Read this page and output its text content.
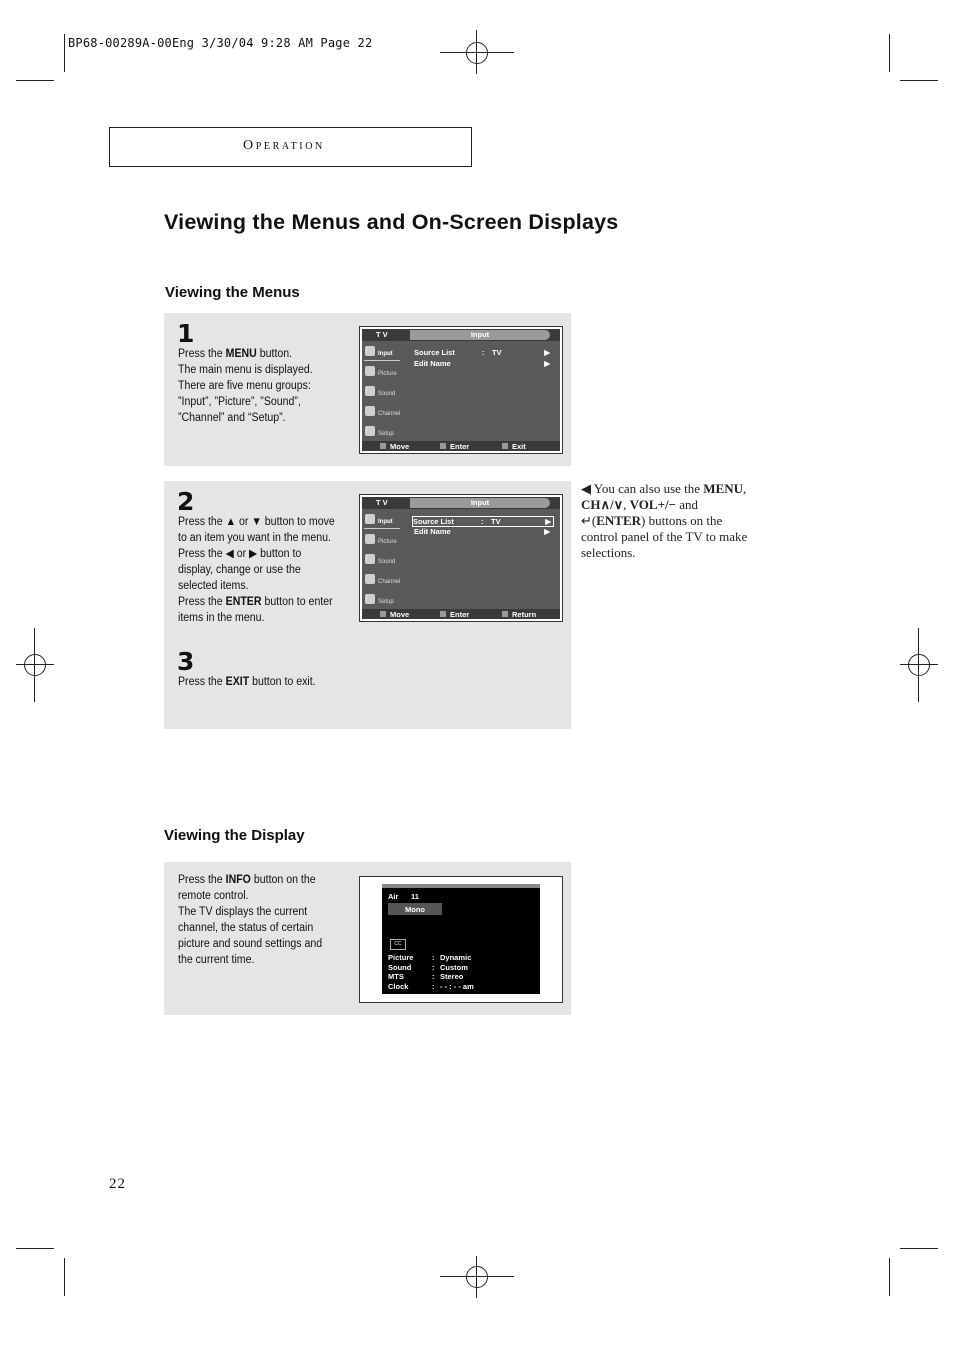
BP68-00289A-00Eng 3/30/04 9:28 AM Page 22
Operation
Viewing the Menus and On-Screen Displays
Viewing the Menus
1
Press the MENU button.
The main menu is displayed.
There are five menu groups:
”Input”, ”Picture”, ”Sound”,
”Channel” and “Setup”.
T V	Input
Input
Picture
Sound
Channel
Setup
Source List	: TV	▶
Edit Name	▶
Move	Enter	Exit
2
Press the ▲ or ▼ button to move
to an item you want in the menu.
Press the ◀ or ▶ button to
display, change or use the
selected items.
Press the ENTER button to enter
items in the menu.
T V	Input
Input
Picture
Sound
Channel
Setup
Source List	: TV	▶
Edit Name	▶
Move	Enter	Return
3
Press the EXIT button to exit.
◀ You can also use the MENU,
CH∧/∨, VOL+/− and
↵(ENTER) buttons on the
control panel of the TV to make
selections.
Viewing the Display
Press the INFO button on the
remote control.
The TV displays the current
channel, the status of certain
picture and sound settings and
the current time.
Air 11
Mono
CC
Picture : Dynamic
Sound	: Custom
MTS	: Stereo
Clock	: - - : - - am
22
